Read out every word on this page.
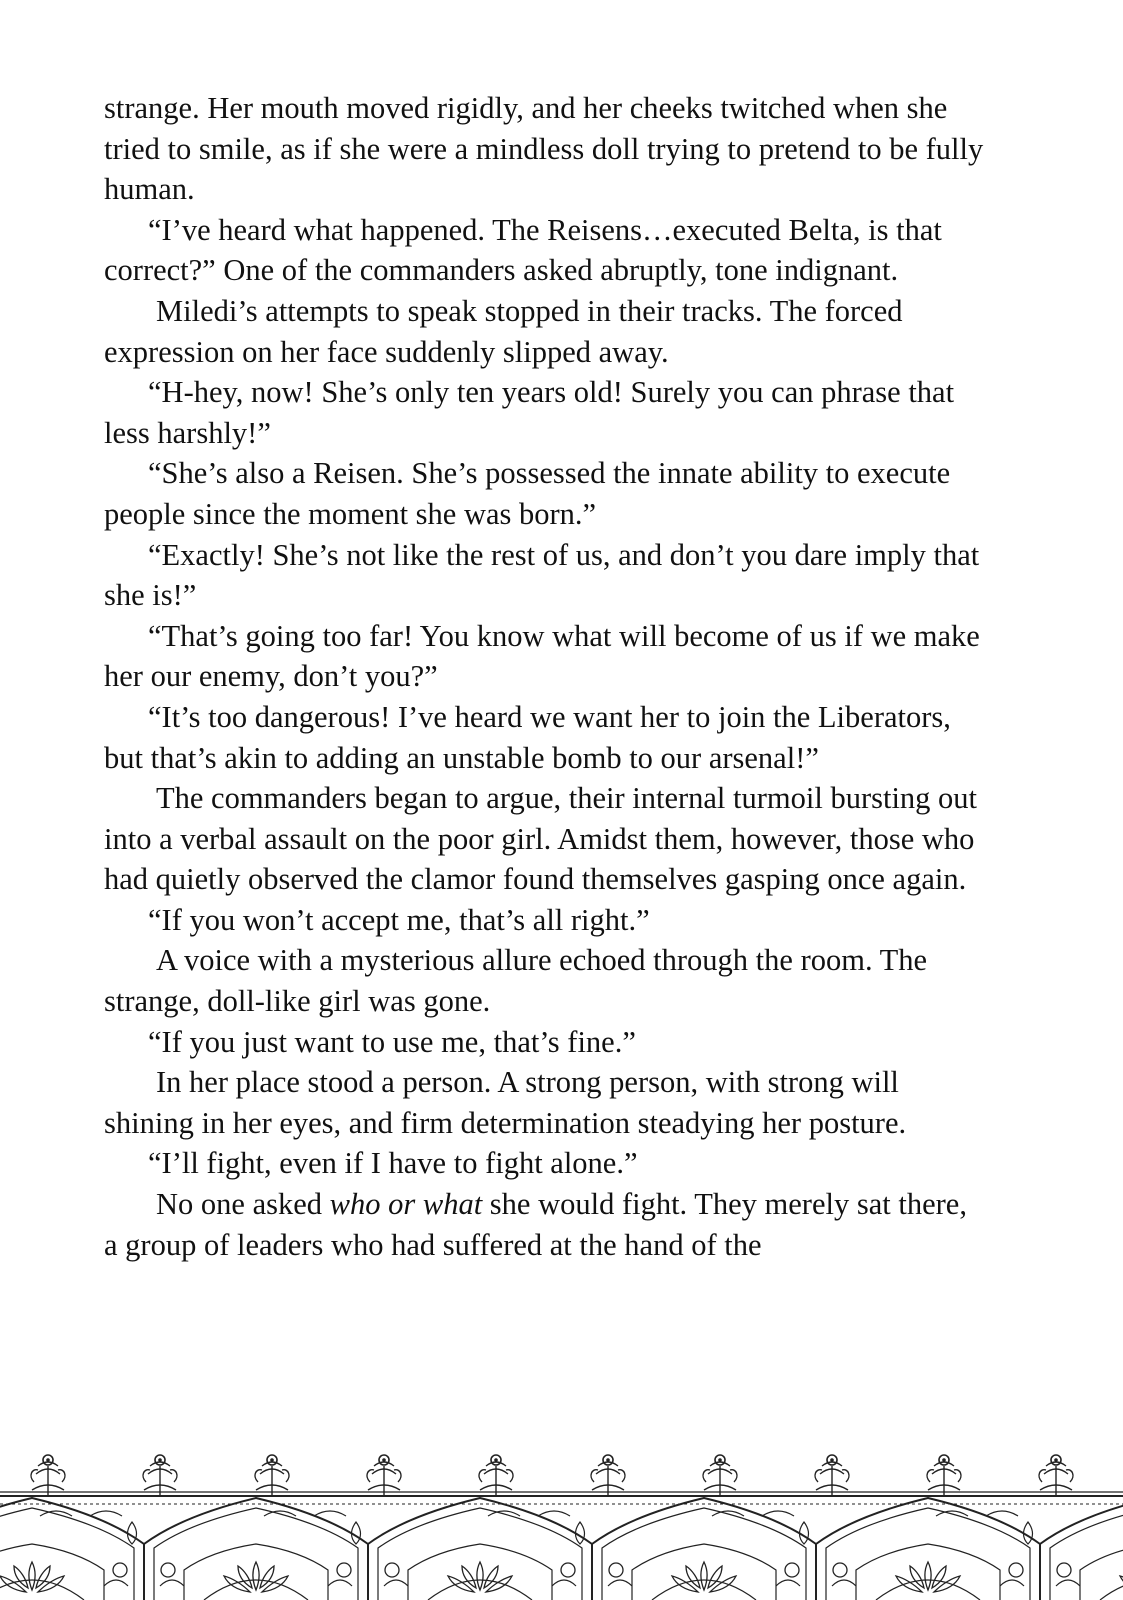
strange. Her mouth moved rigidly, and her cheeks twitched when she tried to smile, as if she were a mindless doll trying to pretend to be fully human.

“I’ve heard what happened. The Reisens…executed Belta, is that correct?” One of the commanders asked abruptly, tone indignant.

Miledi’s attempts to speak stopped in their tracks. The forced expression on her face suddenly slipped away.

“H-hey, now! She’s only ten years old! Surely you can phrase that less harshly!”

“She’s also a Reisen. She’s possessed the innate ability to execute people since the moment she was born.”

“Exactly! She’s not like the rest of us, and don’t you dare imply that she is!”

“That’s going too far! You know what will become of us if we make her our enemy, don’t you?”

“It’s too dangerous! I’ve heard we want her to join the Liberators, but that’s akin to adding an unstable bomb to our arsenal!”

The commanders began to argue, their internal turmoil bursting out into a verbal assault on the poor girl. Amidst them, however, those who had quietly observed the clamor found themselves gasping once again.

“If you won’t accept me, that’s all right.”

A voice with a mysterious allure echoed through the room. The strange, doll-like girl was gone.

“If you just want to use me, that’s fine.”

In her place stood a person. A strong person, with strong will shining in her eyes, and firm determination steadying her posture.

“I’ll fight, even if I have to fight alone.”

No one asked who or what she would fight. They merely sat there, a group of leaders who had suffered at the hand of the
